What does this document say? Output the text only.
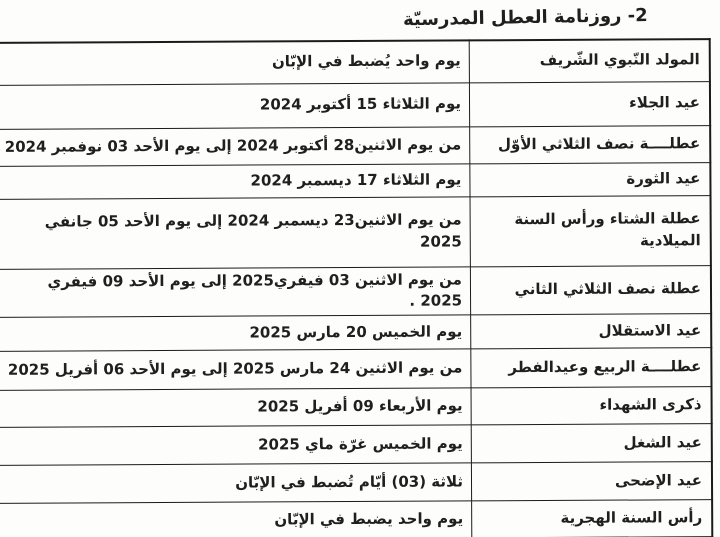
2- روزنامة العطل المدرسيّة
المولد النّبوي الشّريف	يوم واحد يُضبط في الإبّان
عيد الجلاء	يوم الثلاثاء 15 أكتوبر 2024
عطلــــة نصف الثلاثي الأوّل	من يوم الاثنين28 أكتوبر 2024 إلى يوم الأحد 03 نوفمبر 2024
عيد الثورة	يوم الثلاثاء 17 ديسمبر 2024
عطلة الشتاء ورأس السنة
الميلادية	من يوم الاثنين23 ديسمبر 2024 إلى يوم الأحد 05 جانفي 2025
عطلة نصف الثلاثي الثاني	من يوم الاثنين 03 فيفري2025 إلى يوم الأحد 09 فيفري 2025 .
عيد الاستقلال	يوم الخميس 20 مارس 2025
عطلــــة الربيع وعيدالفطر	من يوم الاثنين 24 مارس 2025 إلى يوم الأحد 06 أفريل 2025
ذكرى الشهداء	يوم الأربعاء 09 أفريل 2025
عيد الشغل	يوم الخميس غرّة ماي 2025
عيد الإضحى	ثلاثة (03) أيّام تُضبط في الإبّان
رأس السنة الهجرية	يوم واحد يضبط في الإبّان
